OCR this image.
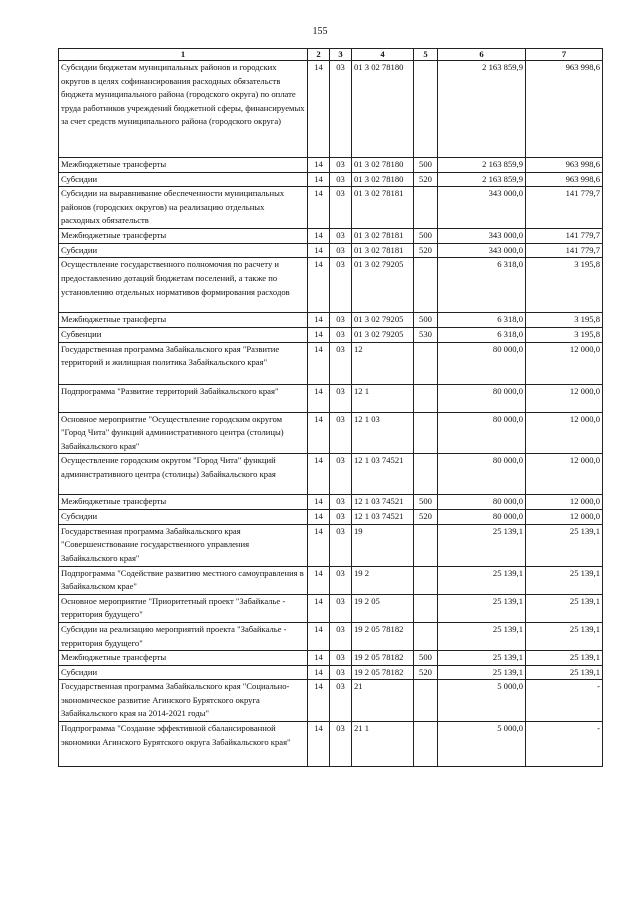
155
1	2	3	4	5	6	7
Субсидии бюджетам муниципальных районов и городских округов в целях софинансирования расходных обязательств бюджета муниципального района (городского округа) по оплате труда работников учреждений бюджетной сферы, финансируемых за счет средств муниципального района (городского округа)	14	03	01 3 02 78180		2 163 859,9	963 998,6
Межбюджетные трансферты	14	03	01 3 02 78180	500	2 163 859,9	963 998,6
Субсидии	14	03	01 3 02 78180	520	2 163 859,9	963 998,6
Субсидии на выравнивание обеспеченности муниципальных районов (городских округов) на реализацию отдельных расходных обязательств	14	03	01 3 02 78181		343 000,0	141 779,7
Межбюджетные трансферты	14	03	01 3 02 78181	500	343 000,0	141 779,7
Субсидии	14	03	01 3 02 78181	520	343 000,0	141 779,7
Осуществление государственного полномочия по расчету и предоставлению дотаций бюджетам поселений, а также по установлению отдельных нормативов формирования расходов	14	03	01 3 02 79205		6 318,0	3 195,8
Межбюджетные трансферты	14	03	01 3 02 79205	500	6 318,0	3 195,8
Субвенции	14	03	01 3 02 79205	530	6 318,0	3 195,8
Государственная программа Забайкальского края "Развитие территорий и жилищная политика Забайкальского края"	14	03	12		80 000,0	12 000,0
Подпрограмма "Развитие территорий Забайкальского края"	14	03	12 1		80 000,0	12 000,0
Основное мероприятие "Осуществление городским округом "Город Чита" функций административного центра (столицы) Забайкальского края"	14	03	12 1 03		80 000,0	12 000,0
Осуществление городским округом "Город Чита" функций административного центра (столицы) Забайкальского края	14	03	12 1 03 74521		80 000,0	12 000,0
Межбюджетные трансферты	14	03	12 1 03 74521	500	80 000,0	12 000,0
Субсидии	14	03	12 1 03 74521	520	80 000,0	12 000,0
Государственная программа Забайкальского края "Совершенствование государственного управления Забайкальского края"	14	03	19		25 139,1	25 139,1
Подпрограмма "Содействие развитию местного самоуправления в Забайкальском крае"	14	03	19 2		25 139,1	25 139,1
Основное мероприятие "Приоритетный проект "Забайкалье - территория будущего"	14	03	19 2 05		25 139,1	25 139,1
Субсидии на реализацию мероприятий проекта "Забайкалье - территория будущего"	14	03	19 2 05 78182		25 139,1	25 139,1
Межбюджетные трансферты	14	03	19 2 05 78182	500	25 139,1	25 139,1
Субсидии	14	03	19 2 05 78182	520	25 139,1	25 139,1
Государственная программа Забайкальского края "Социально-экономическое развитие Агинского Бурятского округа Забайкальского края на 2014-2021 годы"	14	03	21		5 000,0	-
Подпрограмма "Создание эффективной сбалансированной экономики Агинского Бурятского округа Забайкальского края"	14	03	21 1		5 000,0	-
